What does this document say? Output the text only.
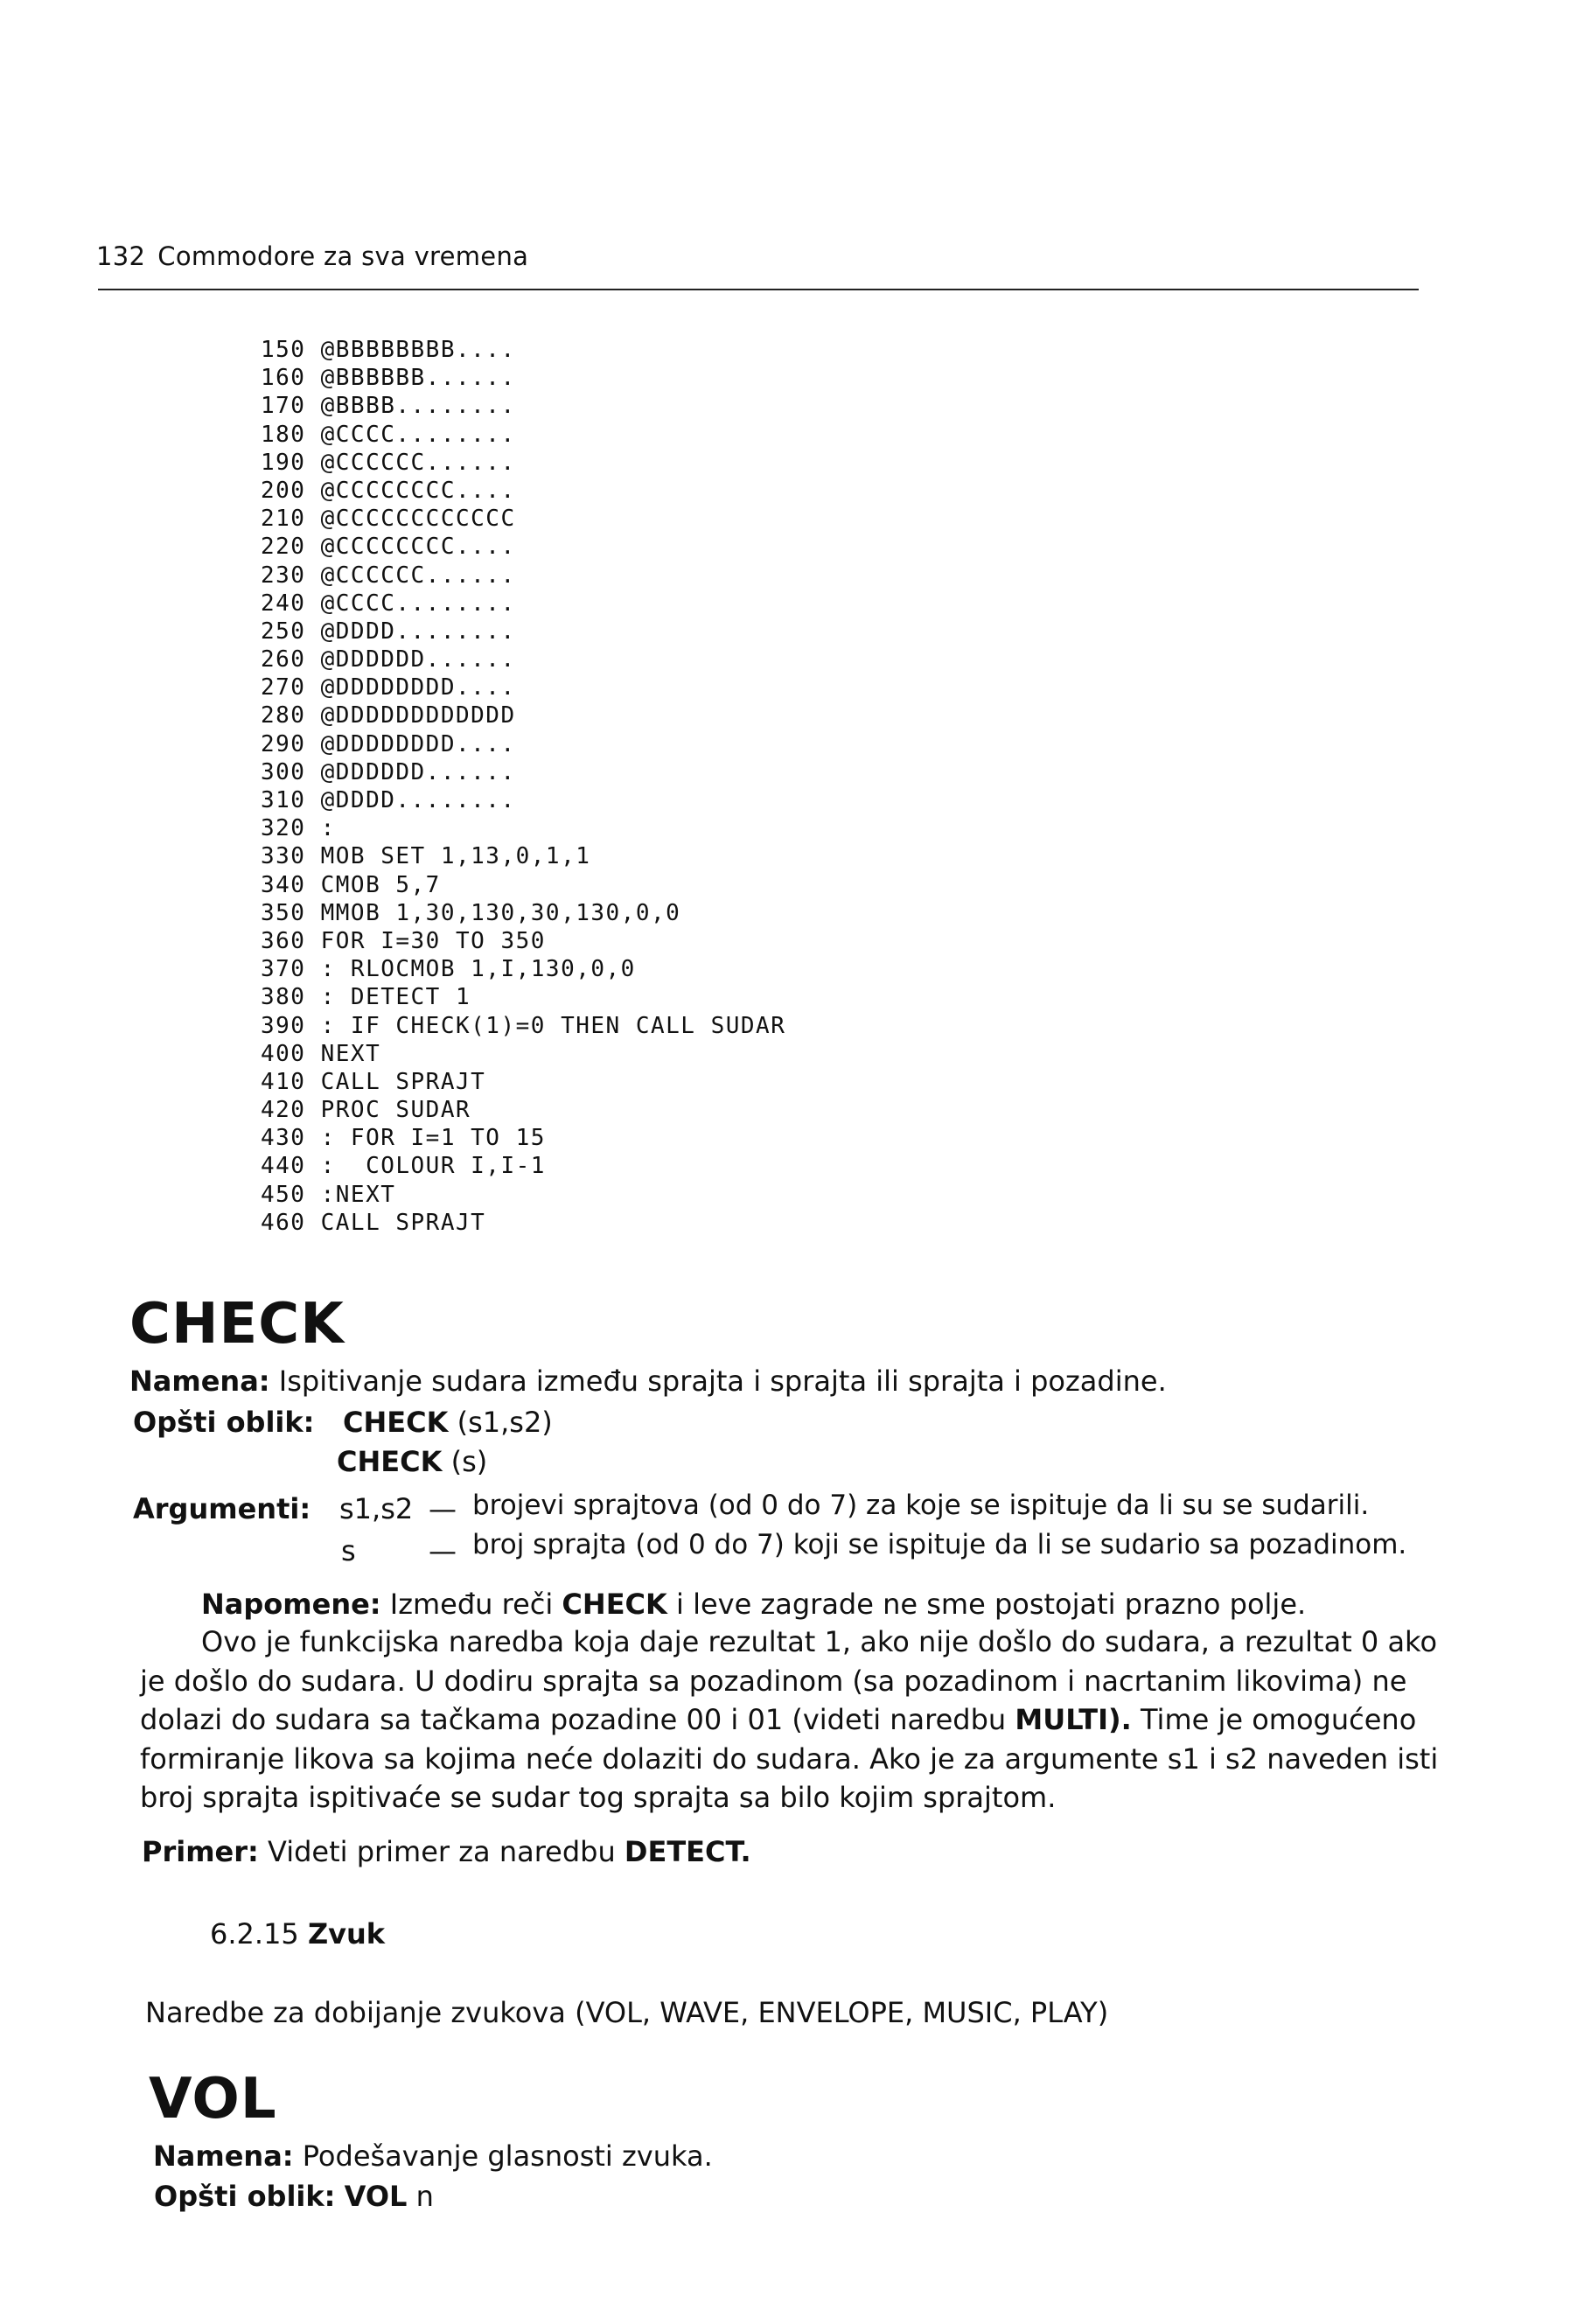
132 Commodore za sva vremena
150 @BBBBBBBB....
160 @BBBBBB......
170 @BBBB........
180 @CCCC........
190 @CCCCCC......
200 @CCCCCCCC....
210 @CCCCCCCCCCCC
220 @CCCCCCCC....
230 @CCCCCC......
240 @CCCC........
250 @DDDD........
260 @DDDDDD......
270 @DDDDDDDD....
280 @DDDDDDDDDDDD
290 @DDDDDDDD....
300 @DDDDDD......
310 @DDDD........
320 :
330 MOB SET 1,13,0,1,1
340 CMOB 5,7
350 MMOB 1,30,130,30,130,0,0
360 FOR I=30 TO 350
370 : RLOCMOB 1,I,130,0,0
380 : DETECT 1
390 : IF CHECK(1)=0 THEN CALL SUDAR
400 NEXT
410 CALL SPRAJT
420 PROC SUDAR
430 : FOR I=1 TO 15
440 :  COLOUR I,I-1
450 :NEXT
460 CALL SPRAJT
CHECK
Namena: Ispitivanje sudara između sprajta i sprajta ili sprajta i pozadine.
Opšti oblik: CHECK (s1,s2)
CHECK (s)
Argumenti: s1,s2 — brojevi sprajtova (od 0 do 7) za koje se ispituje da li su se sudarili.
s	— broj sprajta (od 0 do 7) koji se ispituje da li se sudario sa pozadinom.
Napomene: Između reči CHECK i leve zagrade ne sme postojati prazno polje.

Ovo je funkcijska naredba koja daje rezultat 1, ako nije došlo do sudara, a rezultat 0 ako je došlo do sudara. U dodiru sprajta sa pozadinom (sa pozadinom i nacrtanim likovima) ne dolazi do sudara sa tačkama pozadine 00 i 01 (videti naredbu MULTI). Time je omogućeno formiranje likova sa kojima neće dolaziti do sudara. Ako je za argumente s1 i s2 naveden isti broj sprajta ispitivaće se sudar tog sprajta sa bilo kojim sprajtom.

Primer: Videti primer za naredbu DETECT.
6.2.15 Zvuk
Naredbe za dobijanje zvukova (VOL, WAVE, ENVELOPE, MUSIC, PLAY)
VOL
Namena: Podešavanje glasnosti zvuka.
Opšti oblik: VOL n
